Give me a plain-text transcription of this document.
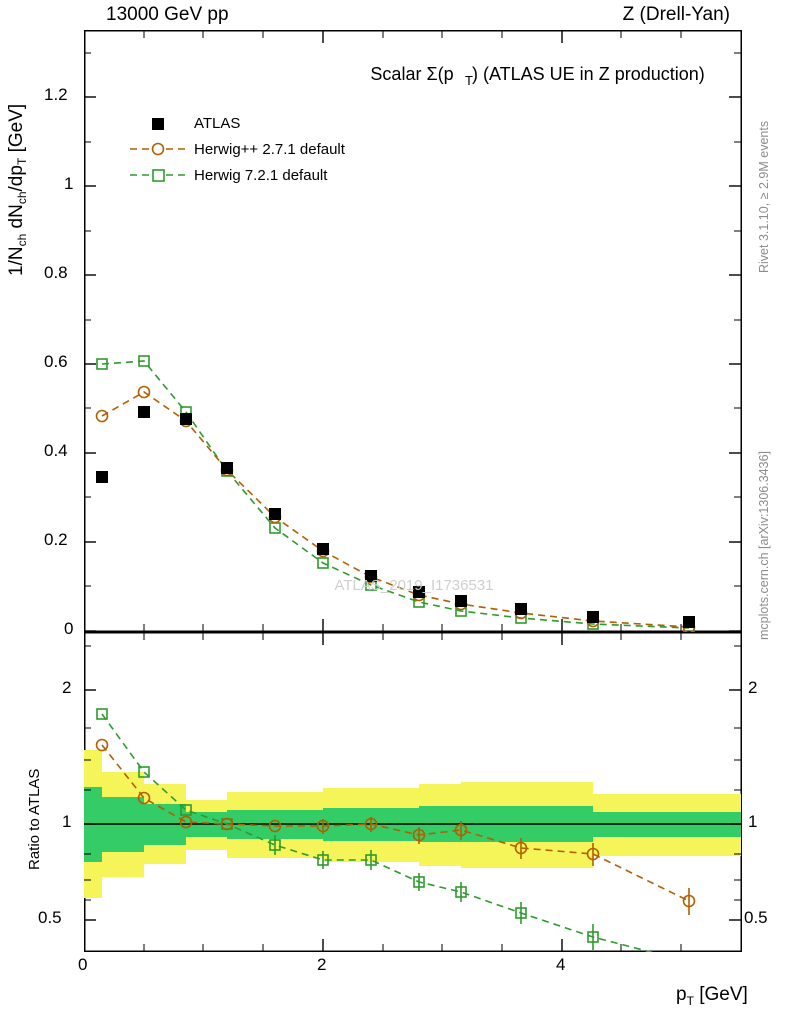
13000 GeV pp	Z (Drell-Yan)
Rivet 3.1.10, ≥ 2.9M events
mcplots.cern.ch [arXiv:1306.3436]
$1/N_{ch}$ $dN_{ch}/dp_T$ [GeV]
Ratio to ATLAS
$p_T$ [GeV]
Scalar Σ(p T ) (ATLAS UE in Z production)
ATLAS_2019_I1736531
0
0.2
0.4
0.6
0.8
1
1.2
ATLAS
Herwig++ 2.7.1 default
Herwig 7.2.1 default
2
1
0.5
2
1
0.5
0	2	4
